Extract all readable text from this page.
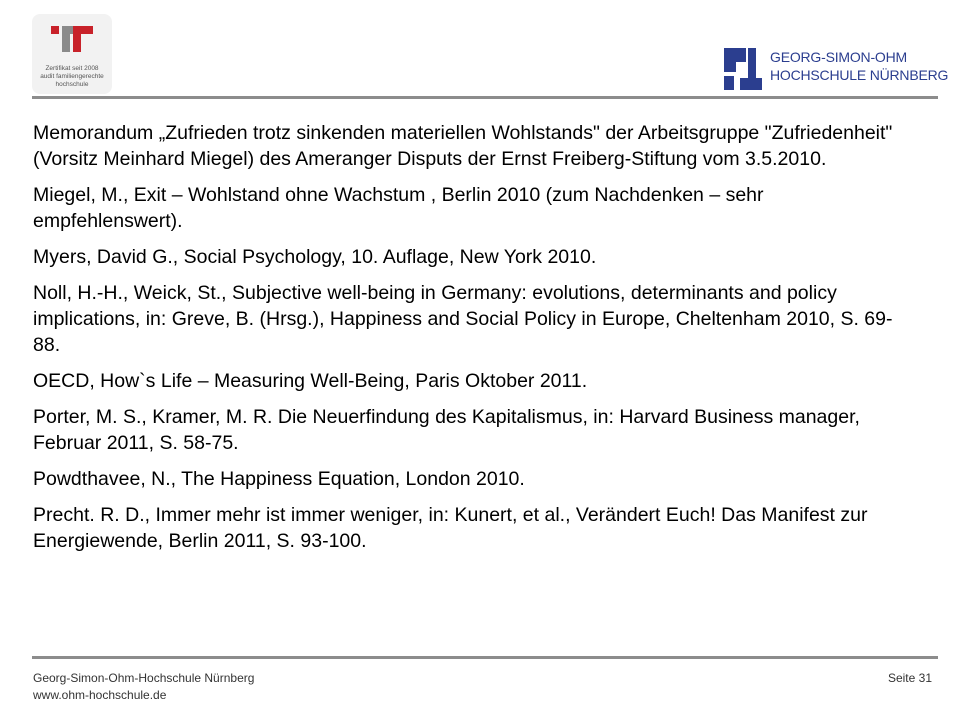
Zertifikat seit 2008
audit familiengerechte
hochschule
GEORG-SIMON-OHM
HOCHSCHULE NÜRNBERG

Memorandum „Zufrieden trotz sinkenden materiellen Wohlstands" der Arbeitsgruppe "Zufriedenheit" (Vorsitz Meinhard Miegel) des Ameranger Disputs der Ernst Freiberg-Stiftung vom 3.5.2010.

Miegel, M., Exit – Wohlstand ohne Wachstum , Berlin 2010 (zum Nachdenken – sehr empfehlenswert).

Myers, David G., Social Psychology, 10. Auflage, New York 2010.

Noll, H.-H., Weick, St., Subjective well-being in Germany: evolutions, determinants and policy implications, in: Greve, B. (Hrsg.), Happiness and Social Policy in Europe, Cheltenham 2010, S. 69-88.

OECD, How`s Life – Measuring Well-Being, Paris Oktober 2011.

Porter, M. S., Kramer, M. R. Die Neuerfindung des Kapitalismus, in: Harvard Business manager, Februar 2011, S. 58-75.

Powdthavee, N., The Happiness Equation, London 2010.

Precht. R. D., Immer mehr ist immer weniger, in: Kunert, et al., Verändert Euch! Das Manifest zur Energiewende, Berlin 2011, S. 93-100.

Georg-Simon-Ohm-Hochschule Nürnberg
www.ohm-hochschule.de
Seite 31
